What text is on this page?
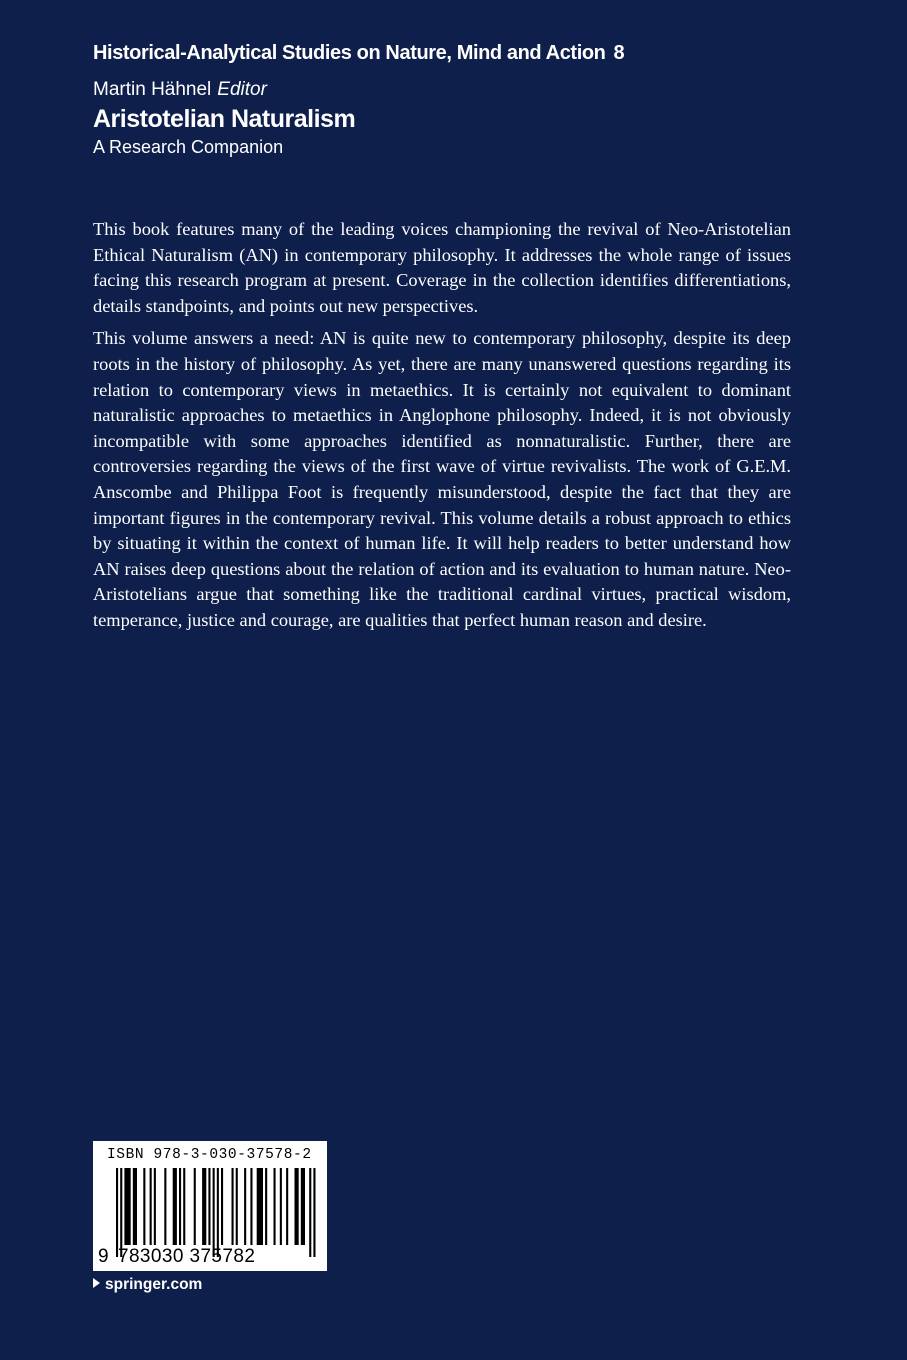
Historical-Analytical Studies on Nature, Mind and Action 8
Martin Hähnel Editor
Aristotelian Naturalism
A Research Companion

This book features many of the leading voices championing the revival of Neo-Aristotelian Ethical Naturalism (AN) in contemporary philosophy. It addresses the whole range of issues facing this research program at present. Coverage in the collection identifies differentiations, details standpoints, and points out new perspectives.

This volume answers a need: AN is quite new to contemporary philosophy, despite its deep roots in the history of philosophy. As yet, there are many unanswered questions regarding its relation to contemporary views in metaethics. It is certainly not equivalent to dominant naturalistic approaches to metaethics in Anglophone philosophy. Indeed, it is not obviously incompatible with some approaches identified as nonnaturalistic. Further, there are controversies regarding the views of the first wave of virtue revivalists. The work of G.E.M. Anscombe and Philippa Foot is frequently misunderstood, despite the fact that they are important figures in the contemporary revival. This volume details a robust approach to ethics by situating it within the context of human life. It will help readers to better understand how AN raises deep questions about the relation of action and its evaluation to human nature. Neo-Aristotelians argue that something like the traditional cardinal virtues, practical wisdom, temperance, justice and courage, are qualities that perfect human reason and desire.

ISBN 978-3-030-37578-2
9 783030 375782
springer.com
